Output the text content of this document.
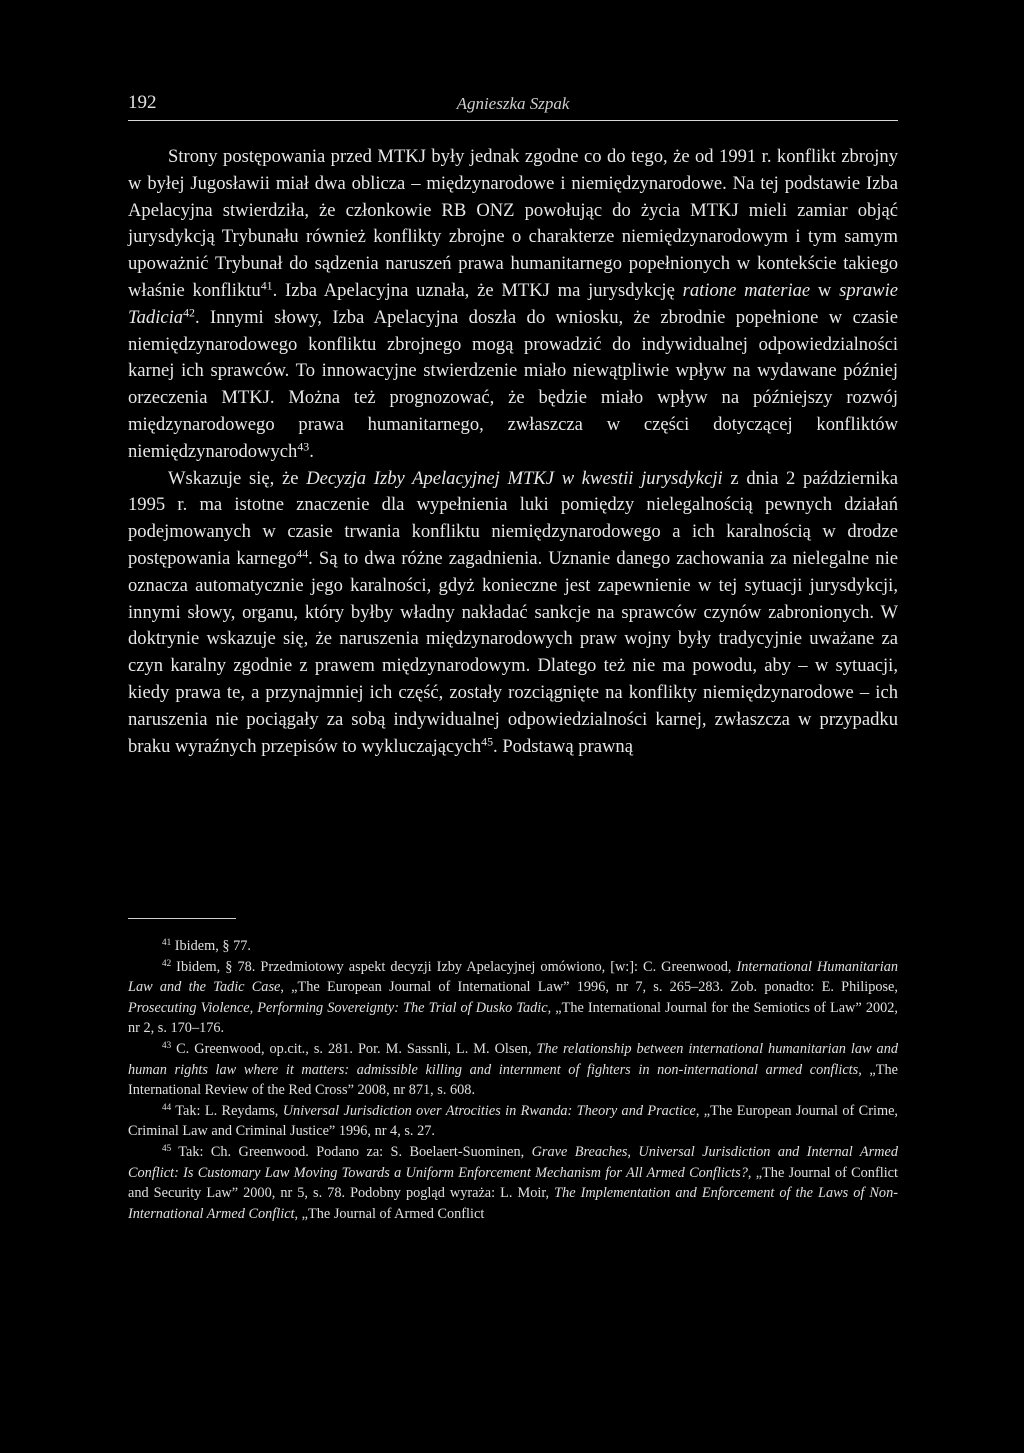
192	Agnieszka Szpak

Strony postępowania przed MTKJ były jednak zgodne co do tego, że od 1991 r. konflikt zbrojny w byłej Jugosławii miał dwa oblicza – międzynarodowe i niemiędzynarodowe. Na tej podstawie Izba Apelacyjna stwierdziła, że członkowie RB ONZ powołując do życia MTKJ mieli zamiar objąć jurysdykcją Trybunału również konflikty zbrojne o charakterze niemiędzynarodowym i tym samym upoważnić Trybunał do sądzenia naruszeń prawa humanitarnego popełnionych w kontekście takiego właśnie konfliktu$^{41}$. Izba Apelacyjna uznała, że MTKJ ma jurysdykcję ratione materiae w sprawie Tadicia$^{42}$. Innymi słowy, Izba Apelacyjna doszła do wniosku, że zbrodnie popełnione w czasie niemiędzynarodowego konfliktu zbrojnego mogą prowadzić do indywidualnej odpowiedzialności karnej ich sprawców. To innowacyjne stwierdzenie miało niewątpliwie wpływ na wydawane później orzeczenia MTKJ. Można też prognozować, że będzie miało wpływ na późniejszy rozwój międzynarodowego prawa humanitarnego, zwłaszcza w części dotyczącej konfliktów niemiędzynarodowych$^{43}$.

Wskazuje się, że Decyzja Izby Apelacyjnej MTKJ w kwestii jurysdykcji z dnia 2 października 1995 r. ma istotne znaczenie dla wypełnienia luki pomiędzy nielegalnością pewnych działań podejmowanych w czasie trwania konfliktu niemiędzynarodowego a ich karalnością w drodze postępowania karnego$^{44}$. Są to dwa różne zagadnienia. Uznanie danego zachowania za nielegalne nie oznacza automatycznie jego karalności, gdyż konieczne jest zapewnienie w tej sytuacji jurysdykcji, innymi słowy, organu, który byłby władny nakładać sankcje na sprawców czynów zabronionych. W doktrynie wskazuje się, że naruszenia międzynarodowych praw wojny były tradycyjnie uważane za czyn karalny zgodnie z prawem międzynarodowym. Dlatego też nie ma powodu, aby – w sytuacji, kiedy prawa te, a przynajmniej ich część, zostały rozciągnięte na konflikty niemiędzynarodowe – ich naruszenia nie pociągały za sobą indywidualnej odpowiedzialności karnej, zwłaszcza w przypadku braku wyraźnych przepisów to wykluczających$^{45}$. Podstawą prawną

$^{41}$ Ibidem, § 77.

$^{42}$ Ibidem, § 78. Przedmiotowy aspekt decyzji Izby Apelacyjnej omówiono, [w:]: C. Greenwood, International Humanitarian Law and the Tadic Case, „The European Journal of International Law” 1996, nr 7, s. 265–283. Zob. ponadto: E. Philipose, Prosecuting Violence, Performing Sovereignty: The Trial of Dusko Tadic, „The International Journal for the Semiotics of Law” 2002, nr 2, s. 170–176.

$^{43}$ C. Greenwood, op.cit., s. 281. Por. M. Sassnli, L. M. Olsen, The relationship between international humanitarian law and human rights law where it matters: admissible killing and internment of fighters in non-international armed conflicts, „The International Review of the Red Cross” 2008, nr 871, s. 608.

$^{44}$ Tak: L. Reydams, Universal Jurisdiction over Atrocities in Rwanda: Theory and Practice, „The European Journal of Crime, Criminal Law and Criminal Justice” 1996, nr 4, s. 27.

$^{45}$ Tak: Ch. Greenwood. Podano za: S. Boelaert-Suominen, Grave Breaches, Universal Jurisdiction and Internal Armed Conflict: Is Customary Law Moving Towards a Uniform Enforcement Mechanism for All Armed Conflicts?, „The Journal of Conflict and Security Law” 2000, nr 5, s. 78. Podobny pogląd wyraża: L. Moir, The Implementation and Enforcement of the Laws of Non-International Armed Conflict, „The Journal of Armed Conflict
